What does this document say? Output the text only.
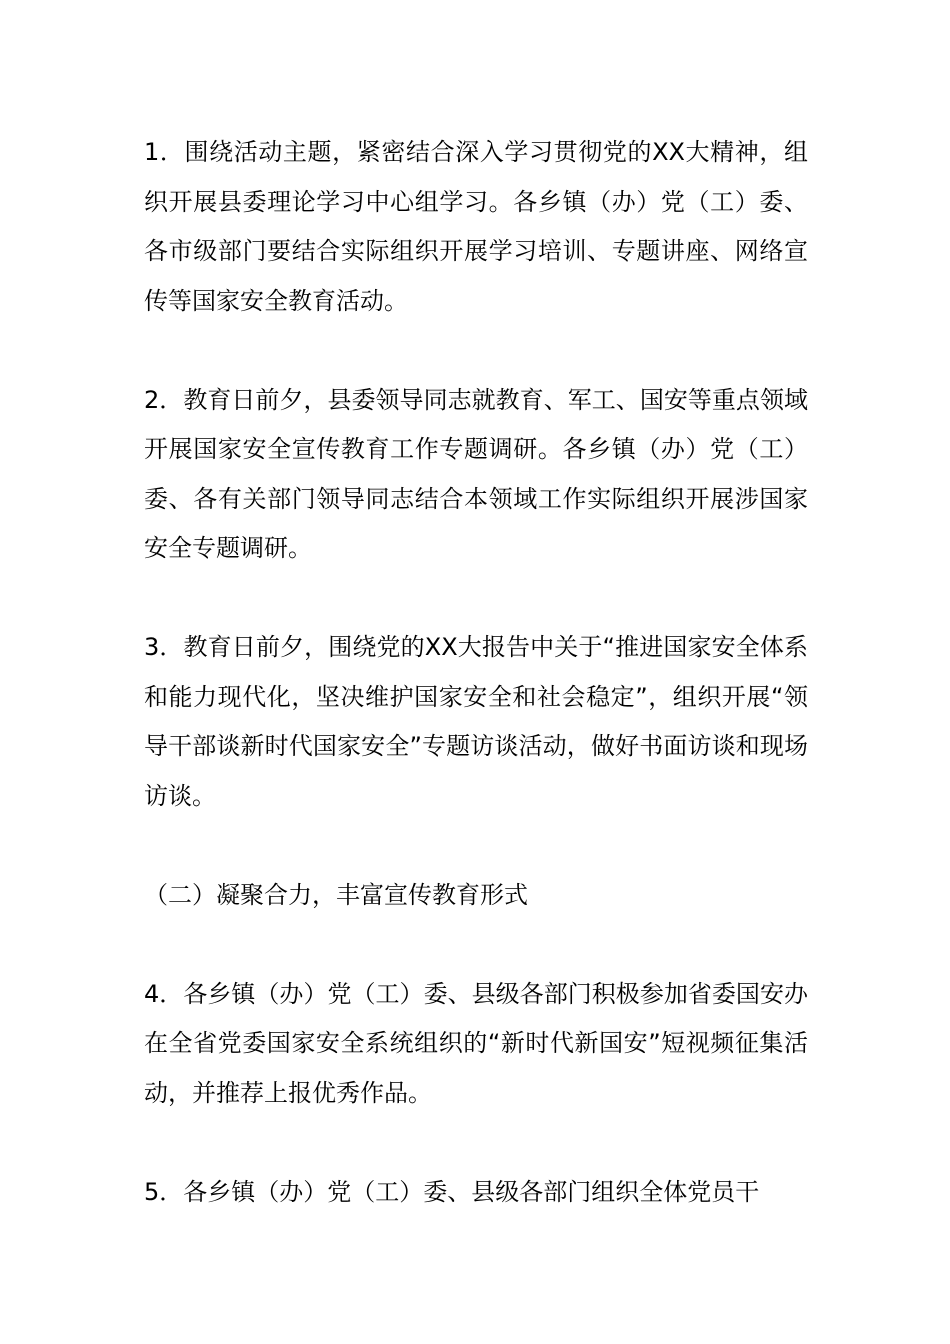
1．围绕活动主题，紧密结合深入学习贯彻党的XX大精神，组织开展县委理论学习中心组学习。各乡镇（办）党（工）委、各市级部门要结合实际组织开展学习培训、专题讲座、网络宣传等国家安全教育活动。

2．教育日前夕，县委领导同志就教育、军工、国安等重点领域开展国家安全宣传教育工作专题调研。各乡镇（办）党（工）委、各有关部门领导同志结合本领域工作实际组织开展涉国家安全专题调研。

3．教育日前夕，围绕党的XX大报告中关于“推进国家安全体系和能力现代化，坚决维护国家安全和社会稳定”，组织开展“领导干部谈新时代国家安全”专题访谈活动，做好书面访谈和现场访谈。

（二）凝聚合力，丰富宣传教育形式

4．各乡镇（办）党（工）委、县级各部门积极参加省委国安办在全省党委国家安全系统组织的“新时代新国安”短视频征集活动，并推荐上报优秀作品。

5．各乡镇（办）党（工）委、县级各部门组织全体党员干
